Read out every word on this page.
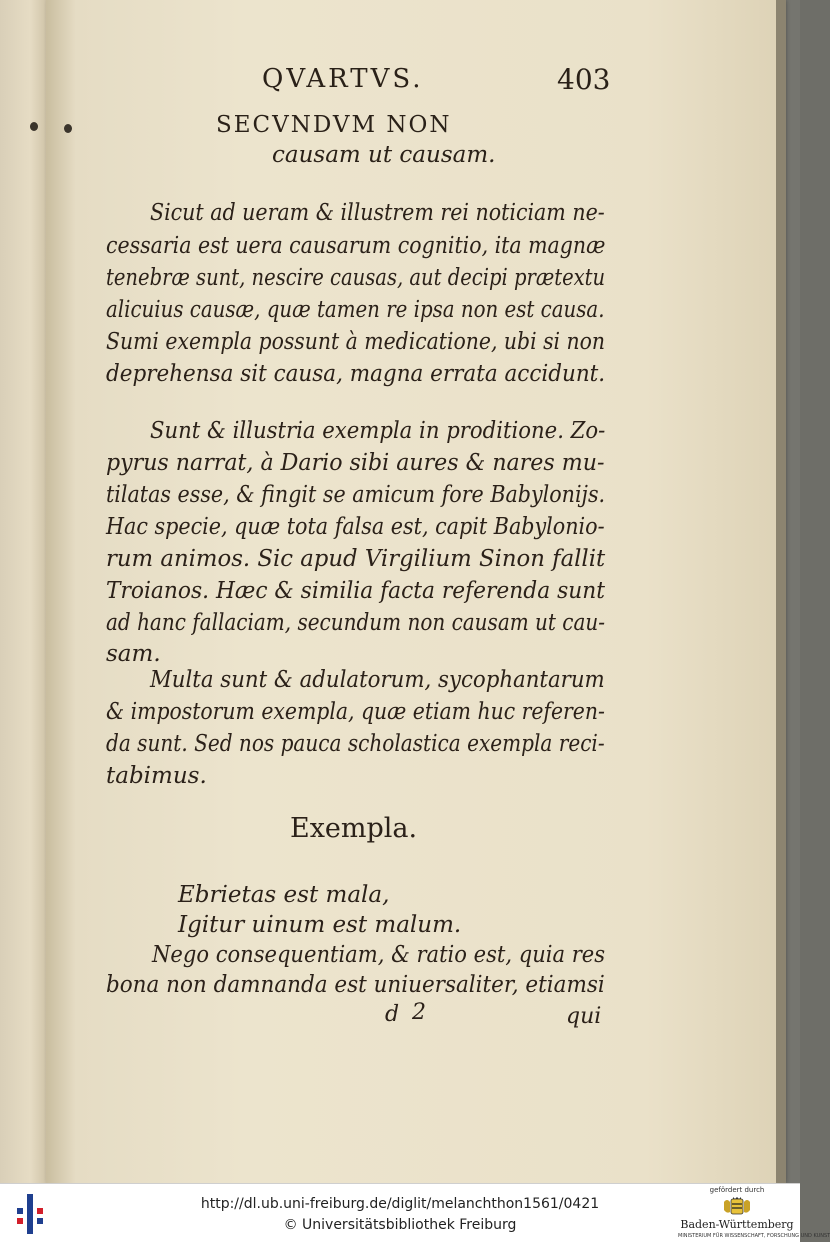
QVARTVS.	403
SECVNDVM NON
causam ut causam.
Sicut ad ueram & illustrem rei noticiam ne-
cessaria est uera causarum cognitio, ita magnæ
tenebræ sunt, nescire causas, aut decipi prætextu
alicuius causæ, quæ tamen re ipsa non est causa.
Sumi exempla possunt à medicatione, ubi si non
deprehensa sit causa, magna errata accidunt.
Sunt & illustria exempla in proditione. Zo-
pyrus narrat, à Dario sibi aures & nares mu-
tilatas esse, & fingit se amicum fore Babylonijs.
Hac specie, quæ tota falsa est, capit Babylonio-
rum animos. Sic apud Virgilium Sinon fallit
Troianos. Hæc & similia facta referenda sunt
ad hanc fallaciam, secundum non causam ut cau-
sam.
Multa sunt & adulatorum, sycophantarum
& impostorum exempla, quæ etiam huc referen-
da sunt. Sed nos pauca scholastica exempla reci-
tabimus.
Exempla.
Ebrietas est mala,
Igitur uinum est malum.
Nego consequentiam, & ratio est, quia res
bona non damnanda est uniuersaliter, etiamsi
d 2	qui
http://dl.ub.uni-freiburg.de/diglit/melanchthon1561/0421
© Universitätsbibliothek Freiburg
gefördert durch
Baden-Württemberg
MINISTERIUM FÜR WISSENSCHAFT, FORSCHUNG UND KUNST
